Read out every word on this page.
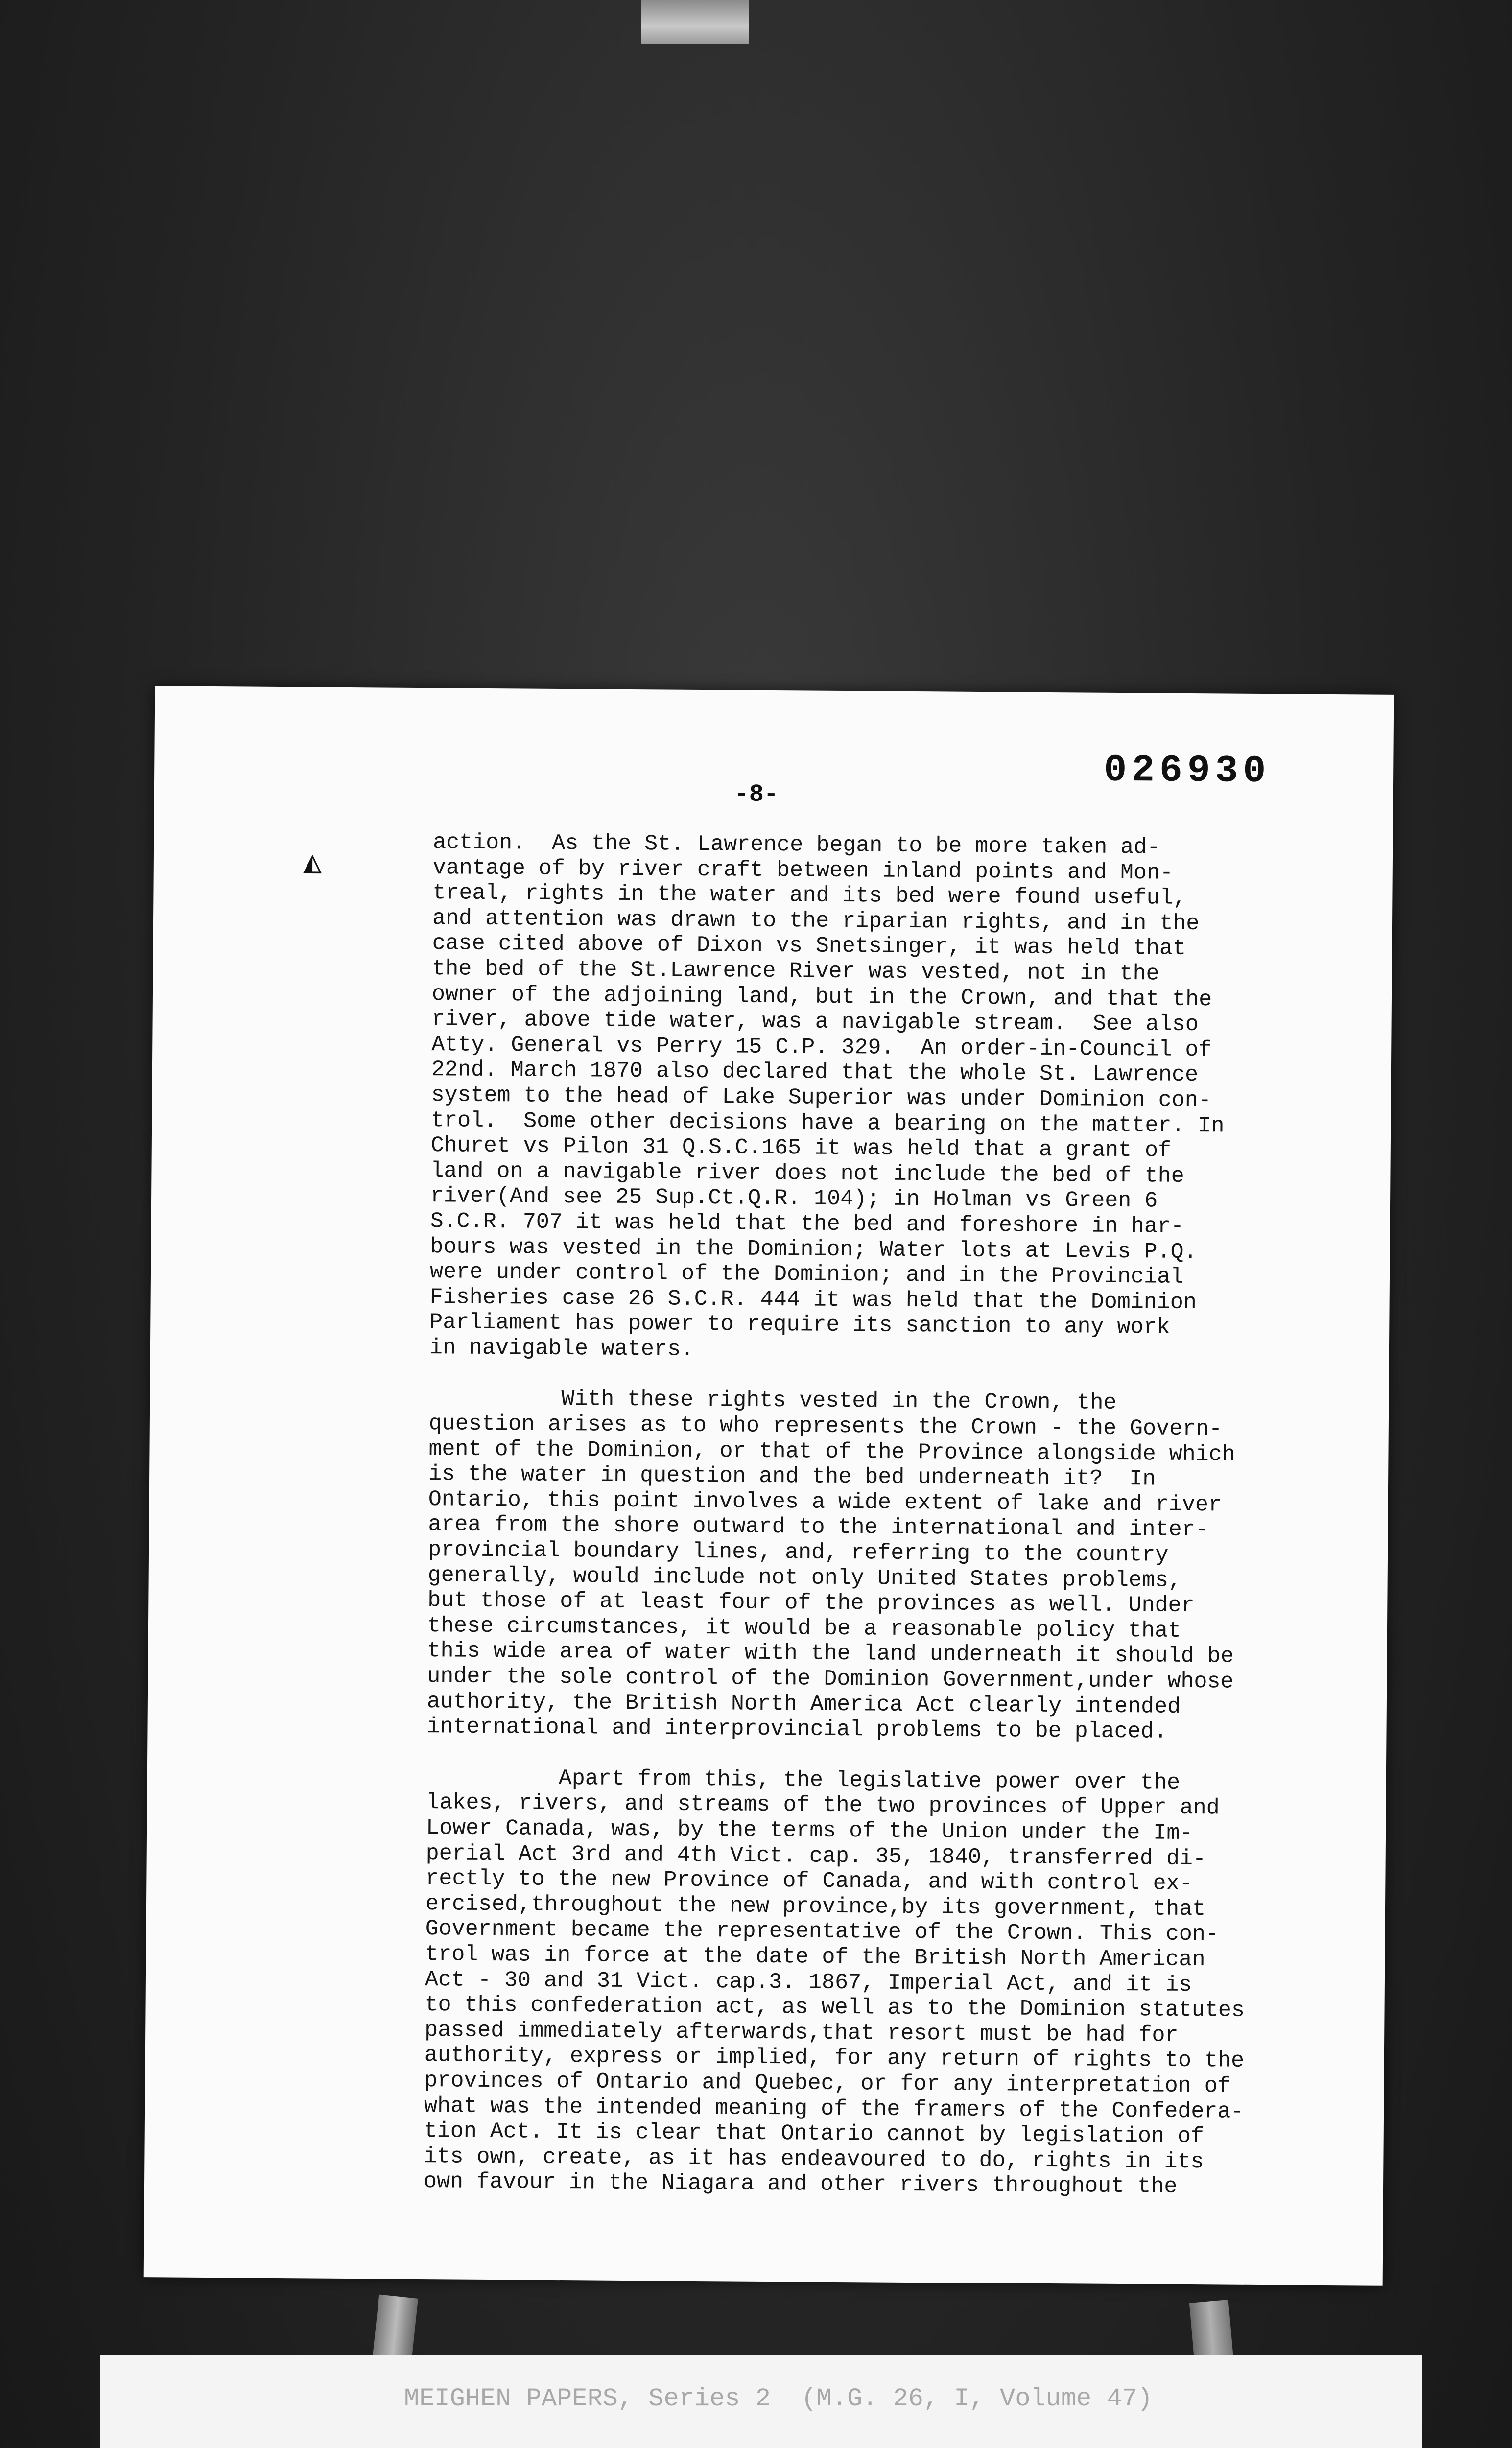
026930
-8-
◭

action.  As the St. Lawrence began to be more taken ad-
vantage of by river craft between inland points and Mon-
treal, rights in the water and its bed were found useful,
and attention was drawn to the riparian rights, and in the
case cited above of Dixon vs Snetsinger, it was held that
the bed of the St.Lawrence River was vested, not in the
owner of the adjoining land, but in the Crown, and that the
river, above tide water, was a navigable stream.  See also
Atty. General vs Perry 15 C.P. 329.  An order-in-Council of
22nd. March 1870 also declared that the whole St. Lawrence
system to the head of Lake Superior was under Dominion con-
trol.  Some other decisions have a bearing on the matter. In
Churet vs Pilon 31 Q.S.C.165 it was held that a grant of
land on a navigable river does not include the bed of the
river(And see 25 Sup.Ct.Q.R. 104); in Holman vs Green 6
S.C.R. 707 it was held that the bed and foreshore in har-
bours was vested in the Dominion; Water lots at Levis P.Q.
were under control of the Dominion; and in the Provincial
Fisheries case 26 S.C.R. 444 it was held that the Dominion
Parliament has power to require its sanction to any work
in navigable waters.

With these rights vested in the Crown, the
question arises as to who represents the Crown - the Govern-
ment of the Dominion, or that of the Province alongside which
is the water in question and the bed underneath it?  In
Ontario, this point involves a wide extent of lake and river
area from the shore outward to the international and inter-
provincial boundary lines, and, referring to the country
generally, would include not only United States problems,
but those of at least four of the provinces as well. Under
these circumstances, it would be a reasonable policy that
this wide area of water with the land underneath it should be
under the sole control of the Dominion Government,under whose
authority, the British North America Act clearly intended
international and interprovincial problems to be placed.

Apart from this, the legislative power over the
lakes, rivers, and streams of the two provinces of Upper and
Lower Canada, was, by the terms of the Union under the Im-
perial Act 3rd and 4th Vict. cap. 35, 1840, transferred di-
rectly to the new Province of Canada, and with control ex-
ercised,throughout the new province,by its government, that
Government became the representative of the Crown. This con-
trol was in force at the date of the British North American
Act - 30 and 31 Vict. cap.3. 1867, Imperial Act, and it is
to this confederation act, as well as to the Dominion statutes
passed immediately afterwards,that resort must be had for
authority, express or implied, for any return of rights to the
provinces of Ontario and Quebec, or for any interpretation of
what was the intended meaning of the framers of the Confedera-
tion Act. It is clear that Ontario cannot by legislation of
its own, create, as it has endeavoured to do, rights in its
own favour in the Niagara and other rivers throughout the

MEIGHEN PAPERS, Series 2  (M.G. 26, I, Volume 47)
